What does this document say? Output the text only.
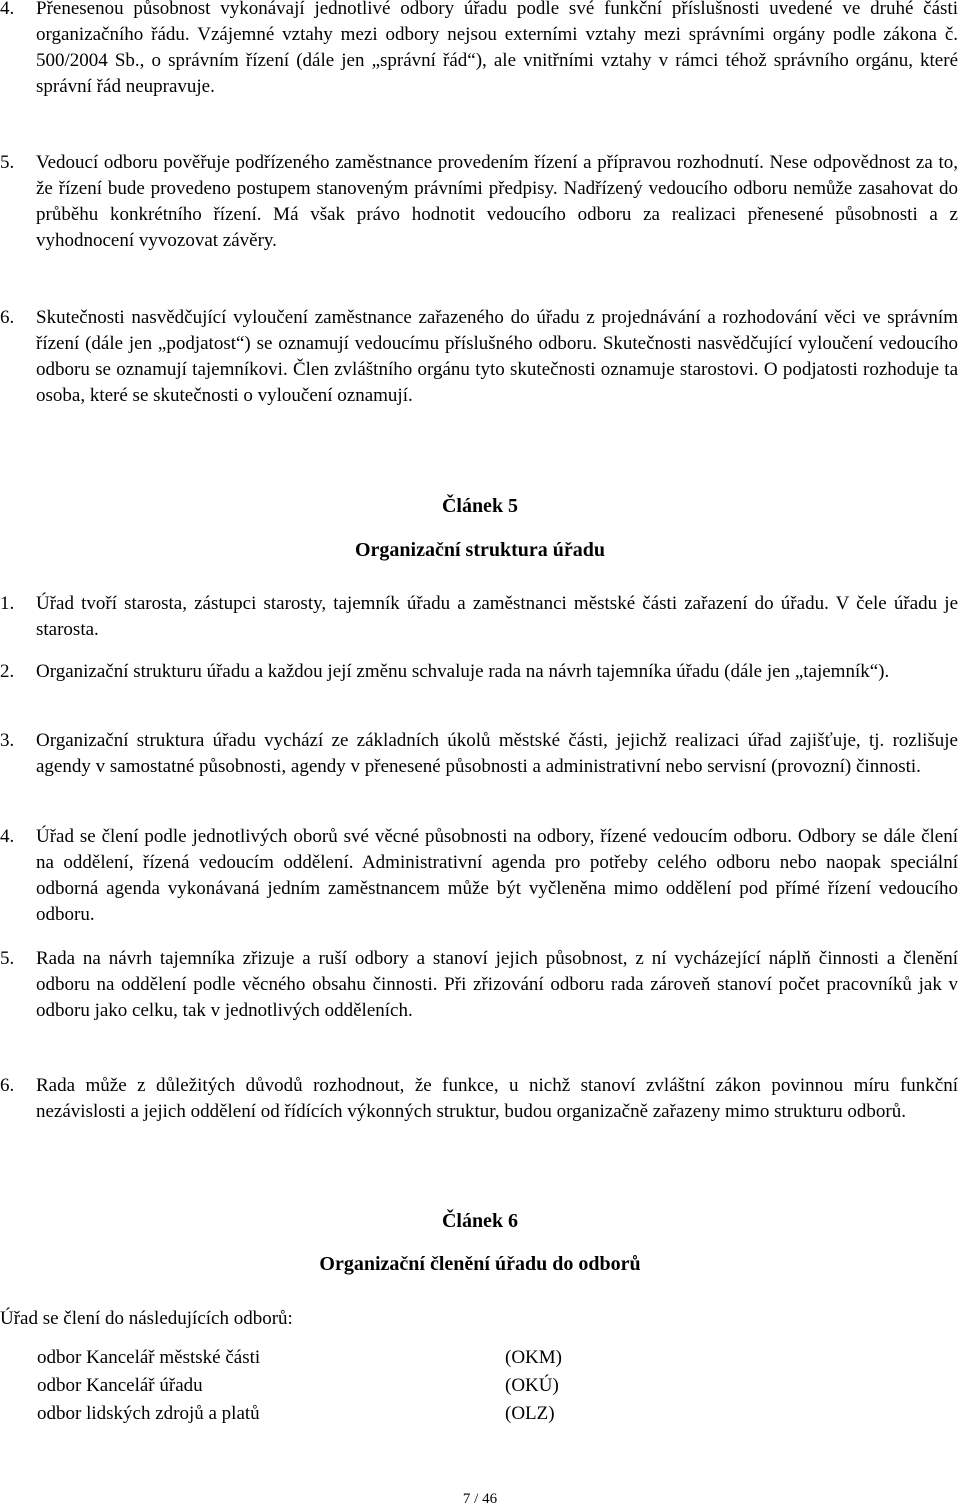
4. Přenesenou působnost vykonávají jednotlivé odbory úřadu podle své funkční příslušnosti uvedené ve druhé části organizačního řádu. Vzájemné vztahy mezi odbory nejsou externími vztahy mezi správními orgány podle zákona č. 500/2004 Sb., o správním řízení (dále jen „správní řád“), ale vnitřními vztahy v rámci téhož správního orgánu, které správní řád neupravuje.
5. Vedoucí odboru pověřuje podřízeného zaměstnance provedením řízení a přípravou rozhodnutí. Nese odpovědnost za to, že řízení bude provedeno postupem stanoveným právními předpisy. Nadřízený vedoucího odboru nemůže zasahovat do průběhu konkrétního řízení. Má však právo hodnotit vedoucího odboru za realizaci přenesené působnosti a z vyhodnocení vyvozovat závěry.
6. Skutečnosti nasvědčující vyloučení zaměstnance zařazeného do úřadu z projednávání a rozhodování věci ve správním řízení (dále jen „podjatost“) se oznamují vedoucímu příslušného odboru. Skutečnosti nasvědčující vyloučení vedoucího odboru se oznamují tajemníkovi. Člen zvláštního orgánu tyto skutečnosti oznamuje starostovi. O podjatosti rozhoduje ta osoba, které se skutečnosti o vyloučení oznamují.
Článek 5
Organizační struktura úřadu
1. Úřad tvoří starosta, zástupci starosty, tajemník úřadu a zaměstnanci městské části zařazení do úřadu. V čele úřadu je starosta.
2. Organizační strukturu úřadu a každou její změnu schvaluje rada na návrh tajemníka úřadu (dále jen „tajemník“).
3. Organizační struktura úřadu vychází ze základních úkolů městské části, jejichž realizaci úřad zajišťuje, tj. rozlišuje agendy v samostatné působnosti, agendy v přenesené působnosti a administrativní nebo servisní (provozní) činnosti.
4. Úřad se člení podle jednotlivých oborů své věcné působnosti na odbory, řízené vedoucím odboru. Odbory se dále člení na oddělení, řízená vedoucím oddělení. Administrativní agenda pro potřeby celého odboru nebo naopak speciální odborná agenda vykonávaná jedním zaměstnancem může být vyčleněna mimo oddělení pod přímé řízení vedoucího odboru.
5. Rada na návrh tajemníka zřizuje a ruší odbory a stanoví jejich působnost, z ní vycházející náplň činnosti a členění odboru na oddělení podle věcného obsahu činnosti. Při zřizování odboru rada zároveň stanoví počet pracovníků jak v odboru jako celku, tak v jednotlivých odděleních.
6. Rada může z důležitých důvodů rozhodnout, že funkce, u nichž stanoví zvláštní zákon povinnou míru funkční nezávislosti a jejich oddělení od řídících výkonných struktur, budou organizačně zařazeny mimo strukturu odborů.
Článek 6
Organizační členění úřadu do odborů
Úřad se člení do následujících odborů:
odbor Kancelář městské části	(OKM)
odbor Kancelář úřadu	(OKÚ)
odbor lidských zdrojů a platů	(OLZ)
7 / 46
